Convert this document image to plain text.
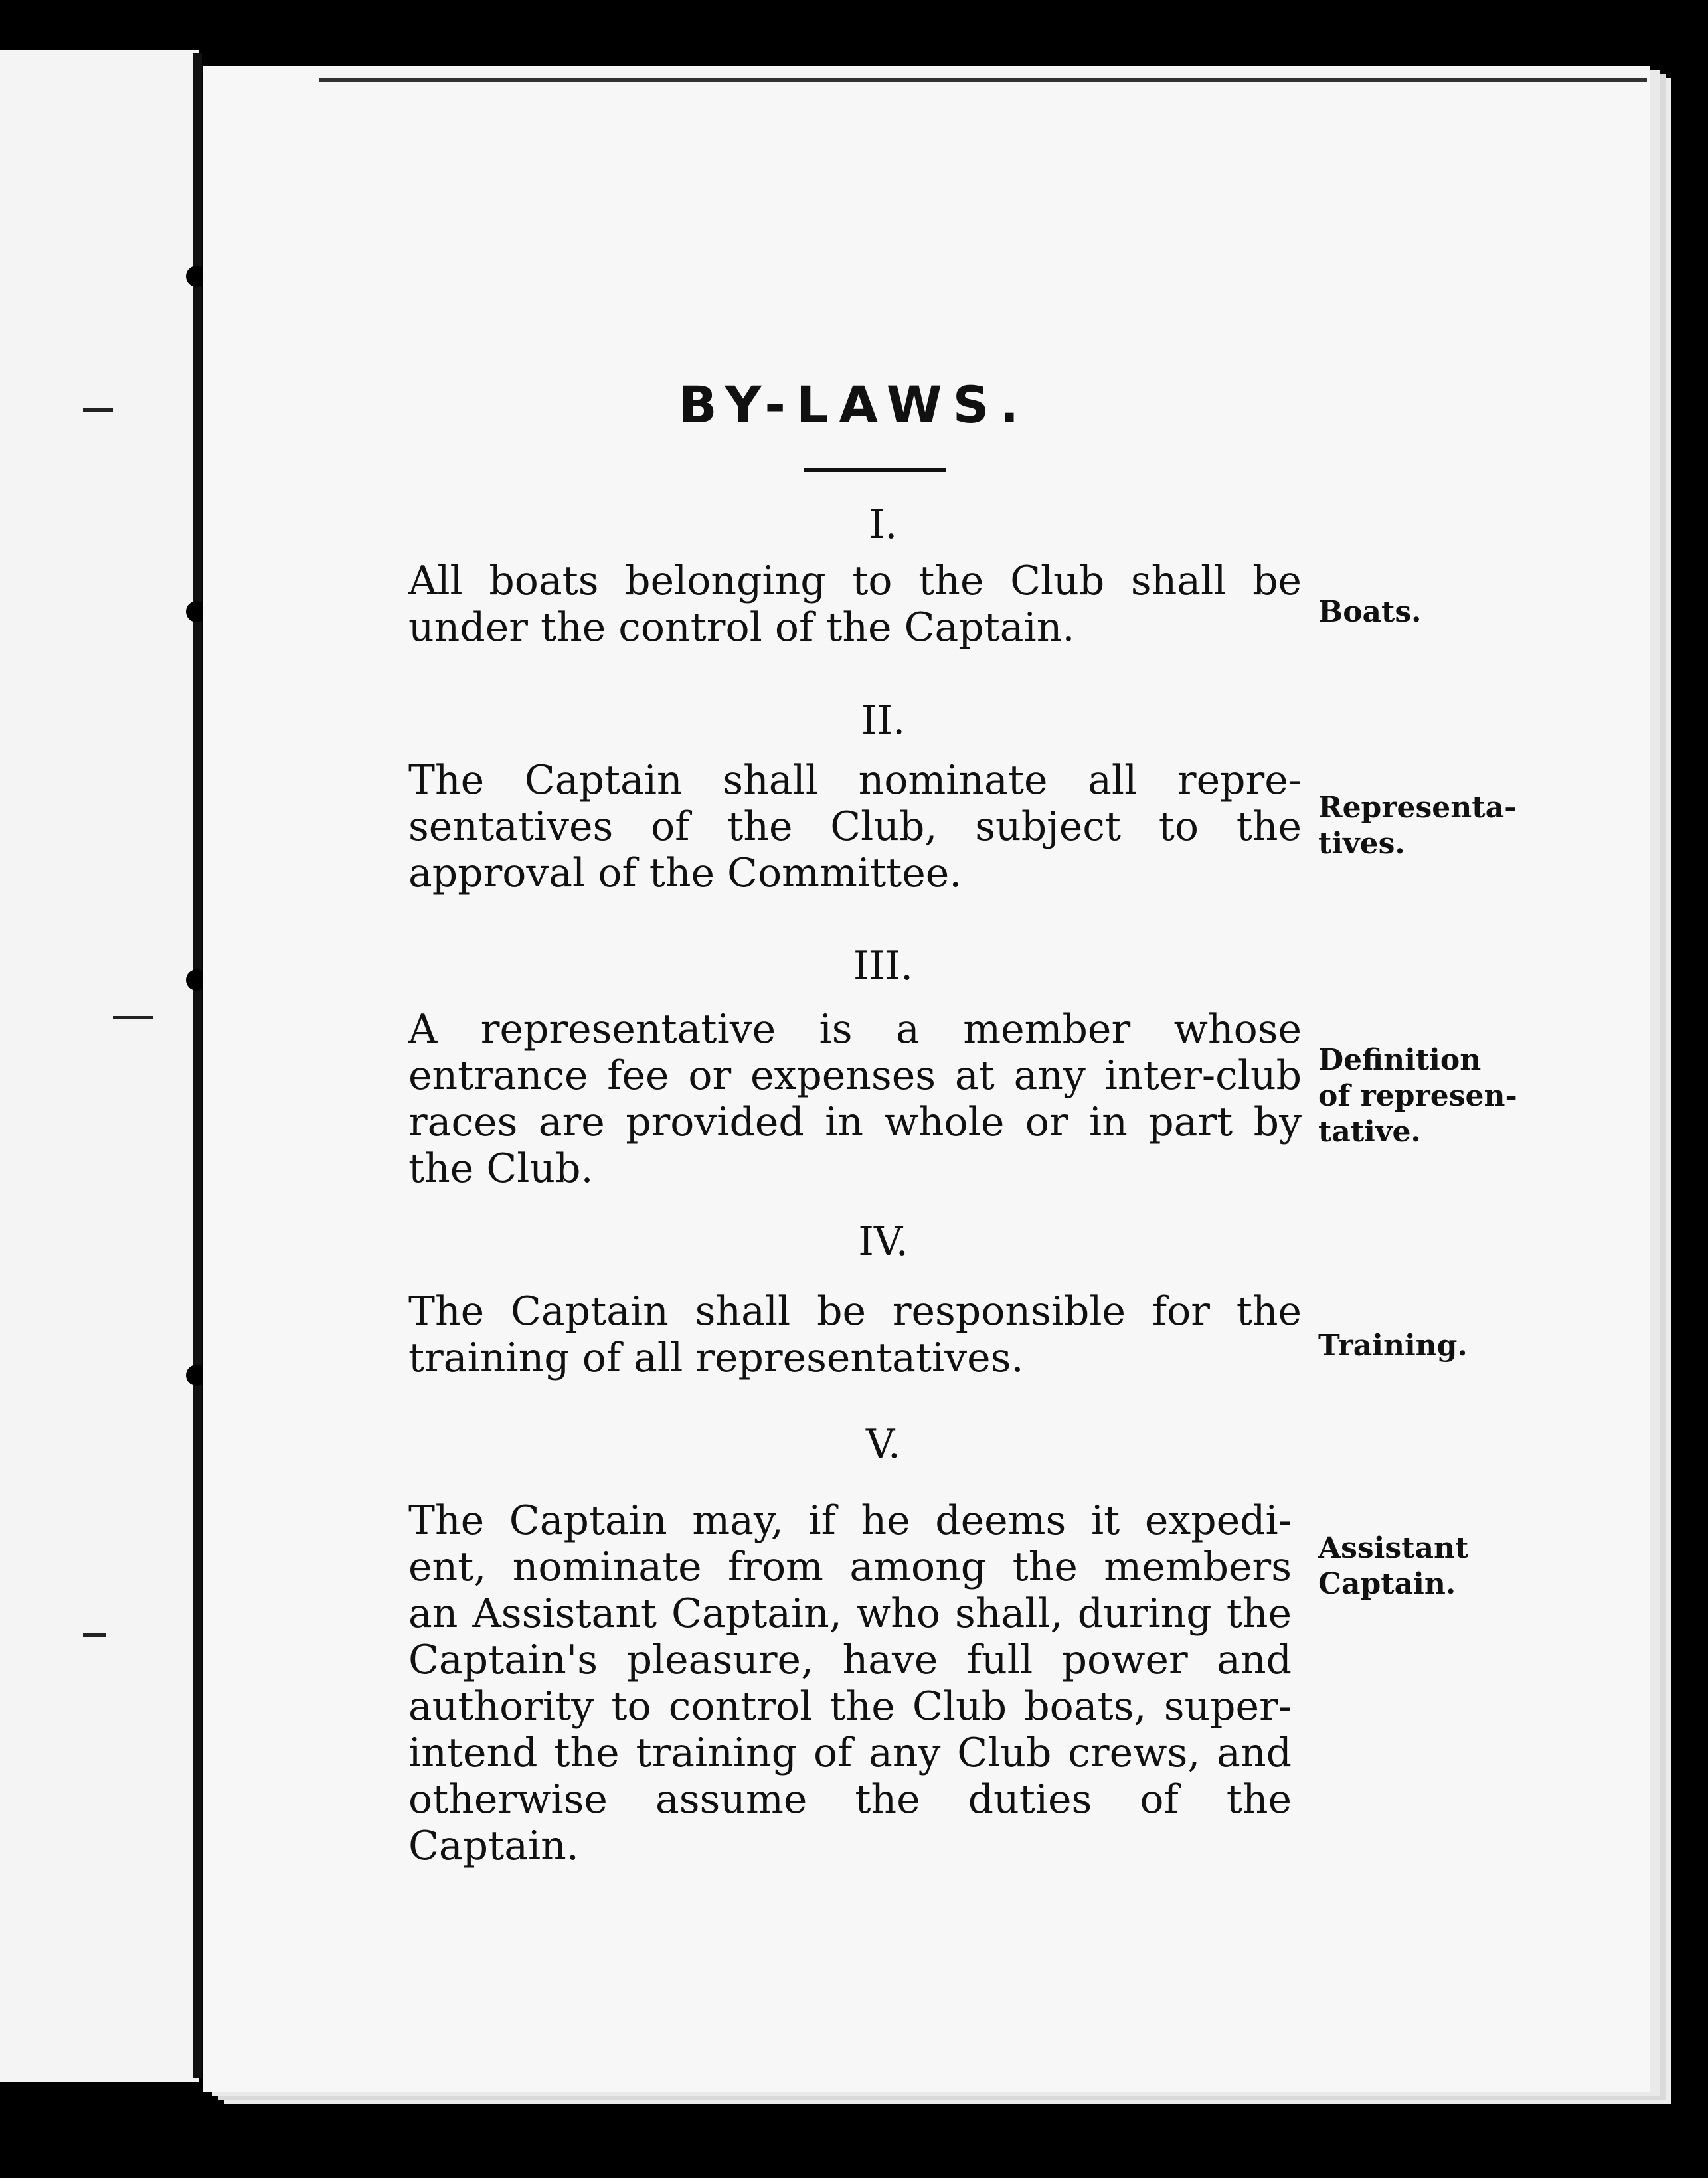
BY-LAWS.
I.
All boats belonging to the Club shall be
under the control of the Captain.	Boats.
II.
The Captain shall nominate all repre-
sentatives of the Club, subject to the
approval of the Committee.
Representa-
tives.
III.
A representative is a member whose
entrance fee or expenses at any inter-club
races are provided in whole or in part by
the Club.
Definition
of represen-
tative.
IV.
The Captain shall be responsible for the
training of all representatives.	Training.
V.
The Captain may, if he deems it expedi-
ent, nominate from among the members
an Assistant Captain, who shall, during the
Captain's pleasure, have full power and
authority to control the Club boats, super-
intend the training of any Club crews, and
otherwise assume the duties of the
Captain.
Assistant
Captain.
